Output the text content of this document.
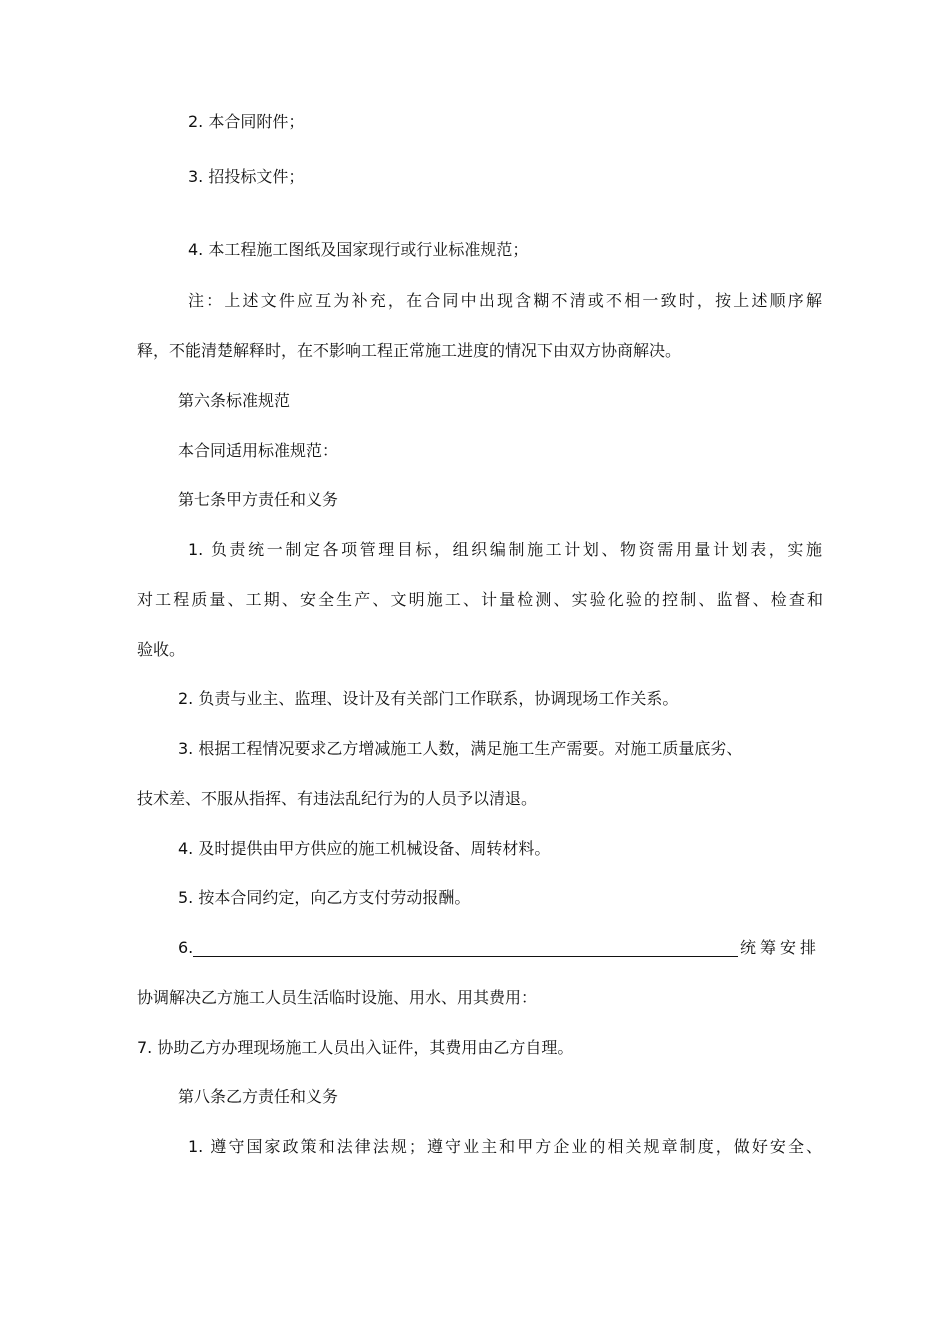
2. 本合同附件；
3. 招投标文件；
4. 本工程施工图纸及国家现行或行业标准规范；
注：上述文件应互为补充，在合同中出现含糊不清或不相一致时，按上述顺序解
释，不能清楚解释时，在不影响工程正常施工进度的情况下由双方协商解决。
第六条标准规范
本合同适用标准规范：
第七条甲方责任和义务
1. 负责统一制定各项管理目标，组织编制施工计划、物资需用量计划表，实施
对工程质量、工期、安全生产、文明施工、计量检测、实验化验的控制、监督、检查和
验收。
2. 负责与业主、监理、设计及有关部门工作联系，协调现场工作关系。
3. 根据工程情况要求乙方增减施工人数，满足施工生产需要。对施工质量底劣、
技术差、不服从指挥、有违法乱纪行为的人员予以清退。
4. 及时提供由甲方供应的施工机械设备、周转材料。
5. 按本合同约定，向乙方支付劳动报酬。
6.	统筹安排
协调解决乙方施工人员生活临时设施、用水、用其费用：
7. 协助乙方办理现场施工人员出入证件，其费用由乙方自理。
第八条乙方责任和义务
1. 遵守国家政策和法律法规；遵守业主和甲方企业的相关规章制度，做好安全、
